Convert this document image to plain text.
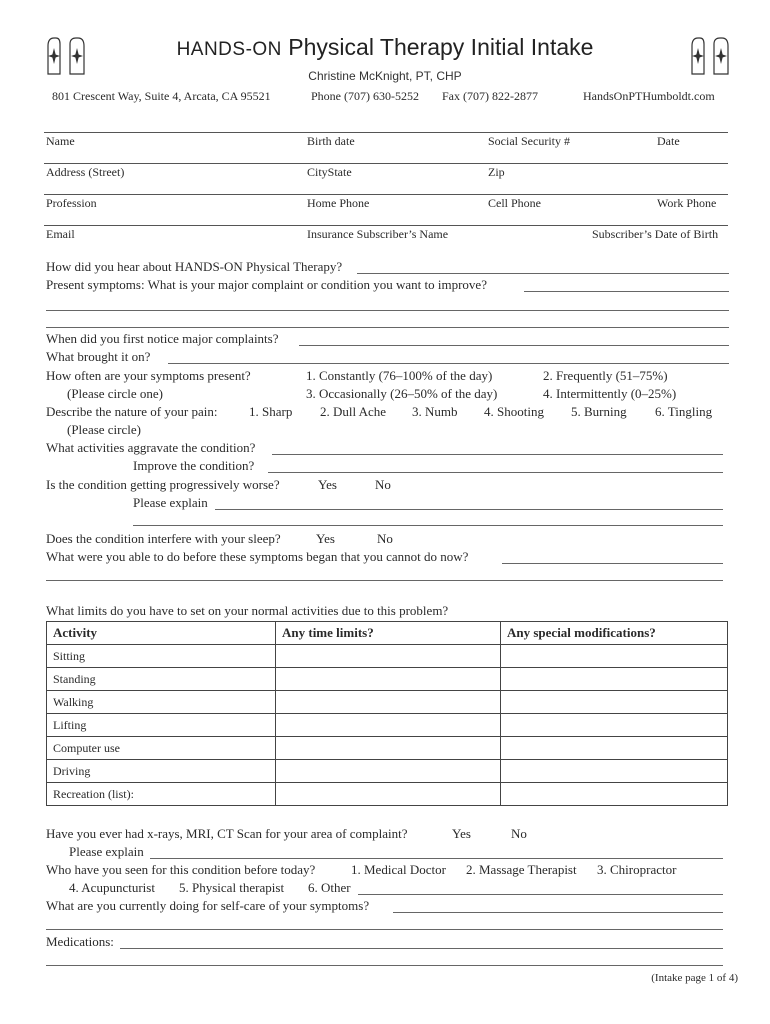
HANDS-ON Physical Therapy Initial Intake
Christine McKnight, PT, CHP
801 Crescent Way, Suite 4, Arcata, CA 95521	Phone (707) 630-5252 Fax (707) 822-2877	HandsOnPTHumboldt.com
Name	Birth date	Social Security #	Date
Address (Street)	CityState	Zip
Profession	Home Phone	Cell Phone	Work Phone
Email	Insurance Subscriber’s Name	Subscriber’s Date of Birth
How did you hear about HANDS-ON Physical Therapy?
Present symptoms: What is your major complaint or condition you want to improve?
When did you first notice major complaints?
What brought it on?
How often are your symptoms present?	1. Constantly (76–100% of the day)	2. Frequently (51–75%)
(Please circle one)	3. Occasionally (26–50% of the day)	4. Intermittently (0–25%)
Describe the nature of your pain: 1. Sharp 2. Dull Ache 3. Numb 4. Shooting 5. Burning 6. Tingling
(Please circle)
What activities aggravate the condition?
Improve the condition?
Is the condition getting progressively worse?	Yes	No
Please explain
Does the condition interfere with your sleep?	Yes	No
What were you able to do before these symptoms began that you cannot do now?
What limits do you have to set on your normal activities due to this problem?
Activity	Any time limits?	Any special modifications?
Sitting		
Standing		
Walking		
Lifting		
Computer use		
Driving		
Recreation (list):		
Have you ever had x-rays, MRI, CT Scan for your area of complaint?	Yes	No
Please explain
Who have you seen for this condition before today?	1. Medical Doctor 2. Massage Therapist 3. Chiropractor
4. Acupuncturist 5. Physical therapist 6. Other
What are you currently doing for self-care of your symptoms?
Medications:
(Intake page 1 of 4)
